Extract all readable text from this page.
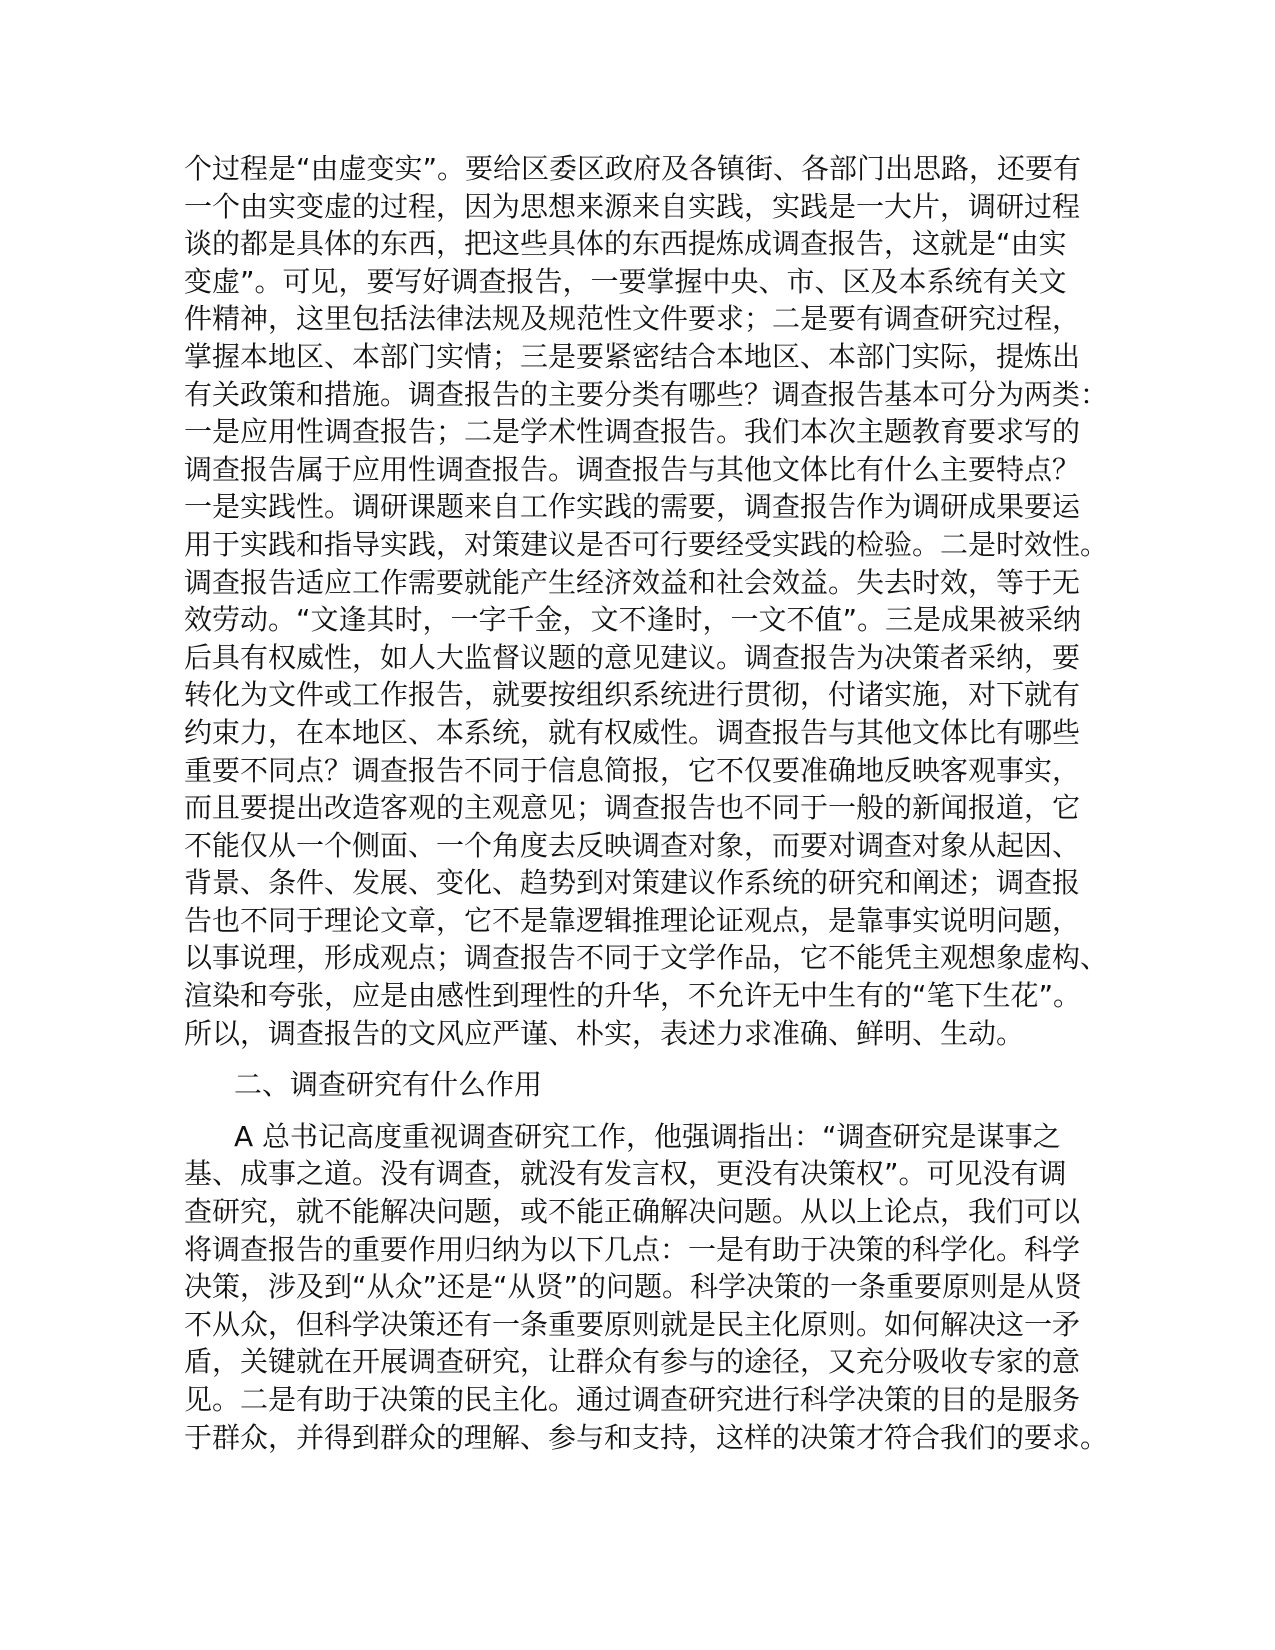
个过程是“由虚变实”。要给区委区政府及各镇街、各部门出思路，还要有
一个由实变虚的过程，因为思想来源来自实践，实践是一大片，调研过程
谈的都是具体的东西，把这些具体的东西提炼成调查报告，这就是“由实
变虚”。可见，要写好调查报告，一要掌握中央、市、区及本系统有关文
件精神，这里包括法律法规及规范性文件要求；二是要有调查研究过程，
掌握本地区、本部门实情；三是要紧密结合本地区、本部门实际，提炼出
有关政策和措施。调查报告的主要分类有哪些？调查报告基本可分为两类：
一是应用性调查报告；二是学术性调查报告。我们本次主题教育要求写的
调查报告属于应用性调查报告。调查报告与其他文体比有什么主要特点？
一是实践性。调研课题来自工作实践的需要，调查报告作为调研成果要运
用于实践和指导实践，对策建议是否可行要经受实践的检验。二是时效性。
调查报告适应工作需要就能产生经济效益和社会效益。失去时效，等于无
效劳动。“文逢其时，一字千金，文不逢时，一文不值”。三是成果被采纳
后具有权威性，如人大监督议题的意见建议。调查报告为决策者采纳，要
转化为文件或工作报告，就要按组织系统进行贯彻，付诸实施，对下就有
约束力，在本地区、本系统，就有权威性。调查报告与其他文体比有哪些
重要不同点？调查报告不同于信息简报，它不仅要准确地反映客观事实，
而且要提出改造客观的主观意见；调查报告也不同于一般的新闻报道，它
不能仅从一个侧面、一个角度去反映调查对象，而要对调查对象从起因、
背景、条件、发展、变化、趋势到对策建议作系统的研究和阐述；调查报
告也不同于理论文章，它不是靠逻辑推理论证观点，是靠事实说明问题，
以事说理，形成观点；调查报告不同于文学作品，它不能凭主观想象虚构、
渲染和夸张，应是由感性到理性的升华，不允许无中生有的“笔下生花”。
所以，调查报告的文风应严谨、朴实，表述力求准确、鲜明、生动。
二、调查研究有什么作用
A 总书记高度重视调查研究工作，他强调指出：“调查研究是谋事之
基、成事之道。没有调查，就没有发言权，更没有决策权”。可见没有调
查研究，就不能解决问题，或不能正确解决问题。从以上论点，我们可以
将调查报告的重要作用归纳为以下几点：一是有助于决策的科学化。科学
决策，涉及到“从众”还是“从贤”的问题。科学决策的一条重要原则是从贤
不从众，但科学决策还有一条重要原则就是民主化原则。如何解决这一矛
盾，关键就在开展调查研究，让群众有参与的途径，又充分吸收专家的意
见。二是有助于决策的民主化。通过调查研究进行科学决策的目的是服务
于群众，并得到群众的理解、参与和支持，这样的决策才符合我们的要求。
